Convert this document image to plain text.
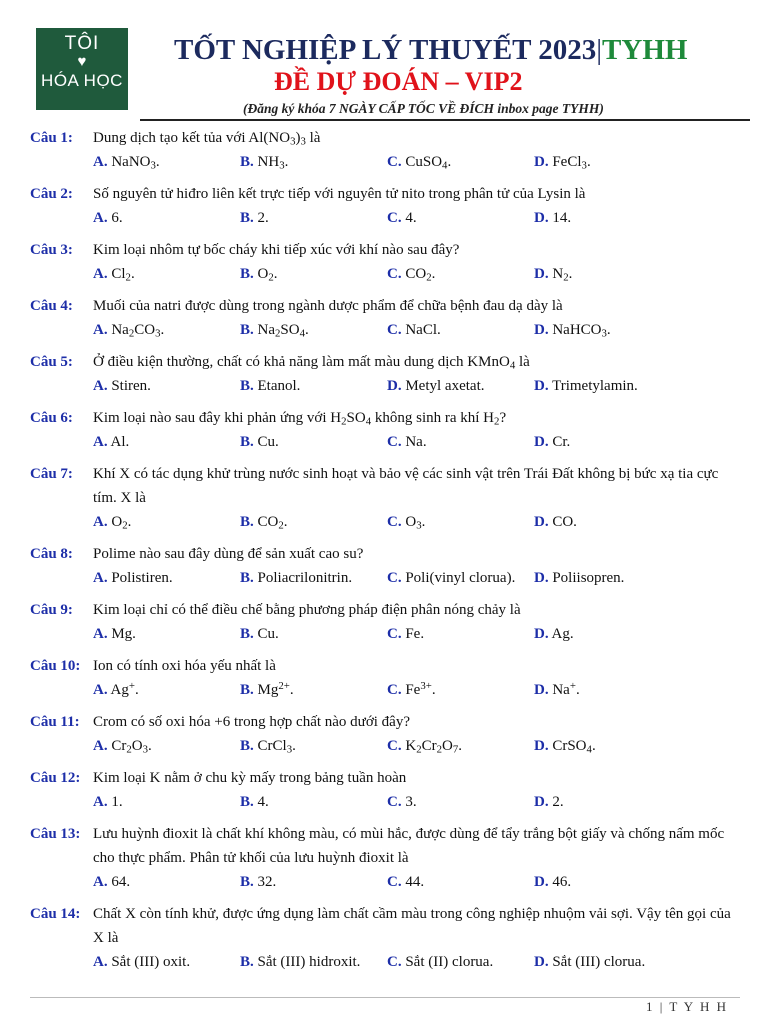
TÔI
♥
HÓA HỌC
TỐT NGHIỆP LÝ THUYẾT 2023|TYHH
ĐỀ DỰ ĐOÁN – VIP2
(Đăng ký khóa 7 NGÀY CẤP TỐC VỀ ĐÍCH inbox page TYHH)
Câu 1:	Dung dịch tạo kết tủa với $Al(NO_3)_3$ là
A. NaNO$_3$.	B. $NH_3$.	C. CuSO$_4$.	D. FeCl$_3$.
Câu 2:	Số nguyên tử hiđro liên kết trực tiếp với nguyên tử nito trong phân tử của Lysin là
A. 6.	B. 2.	C. 4.	D. 14.
Câu 3:	Kim loại nhôm tự bốc cháy khi tiếp xúc với khí nào sau đây?
A. $Cl_2$.	B. $O_2$.	C. $CO_2$.	D. $N_2$.
Câu 4:	Muối của natri được dùng trong ngành dược phẩm để chữa bệnh đau dạ dày là
A. $Na_2CO_3$.	B. $Na_2SO_4$.	C. NaCl.	D. NaHCO$_3$.
Câu 5:	Ở điều kiện thường, chất có khả năng làm mất màu dung dịch KMnO$_4$ là
A. Stiren.	B. Etanol.	D. Metyl axetat.	D. Trimetylamin.
Câu 6:	Kim loại nào sau đây khi phản ứng với $H_2SO_4$ không sinh ra khí $H_2$?
A. Al.	B. Cu.	C. Na.	D. Cr.
Câu 7:	Khí X có tác dụng khử trùng nước sinh hoạt và bảo vệ các sinh vật trên Trái Đất không bị bức xạ tia cực tím. X là
A. $O_2$.	B. $CO_2$.	C. $O_3$.	D. CO.
Câu 8:	Polime nào sau đây dùng để sản xuất cao su?
A. Polistiren.	B. Poliacrilonitrin.	C. Poli(vinyl clorua).	D. Poliisopren.
Câu 9:	Kim loại chỉ có thể điều chế bằng phương pháp điện phân nóng chảy là
A. Mg.	B. Cu.	C. Fe.	D. Ag.
Câu 10: Ion có tính oxi hóa yếu nhất là
A. Ag+.	B. $Mg^{2+}$.	C. $Fe^{3+}$.	D. Na+.
Câu 11: Crom có số oxi hóa +6 trong hợp chất nào dưới đây?
A. $Cr_2O_3$.	B. CrCl$_3$.	C. $K_2Cr_2O_7$.	D. CrSO$_4$.
Câu 12: Kim loại K nằm ở chu kỳ mấy trong bảng tuần hoàn
A. 1.	B. 4.	C. 3.	D. 2.
Câu 13: Lưu huỳnh đioxit là chất khí không màu, có mùi hắc, được dùng để tẩy trắng bột giấy và chống nấm mốc cho thực phẩm. Phân tử khối của lưu huỳnh đioxit là
A. 64.	B. 32.	C. 44.	D. 46.
Câu 14: Chất X còn tính khử, được ứng dụng làm chất cầm màu trong công nghiệp nhuộm vải sợi. Vậy tên gọi của X là
A. Sắt (III) oxit.	B. Sắt (III) hidroxit.	C. Sắt (II) clorua.	D. Sắt (III) clorua.
1 | T Y H H
